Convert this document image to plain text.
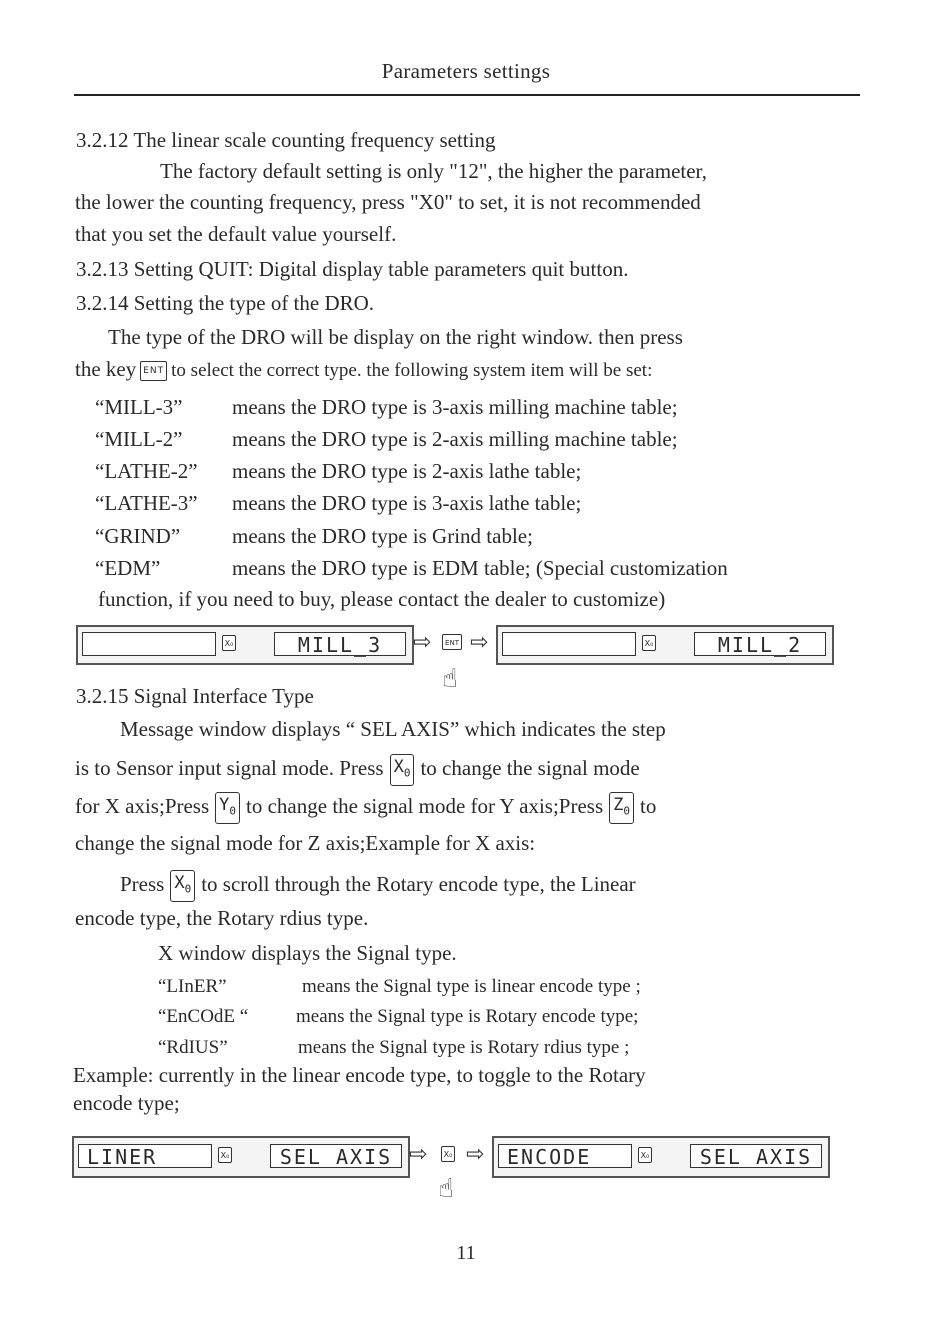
Parameters settings
3.2.12 The linear scale counting frequency setting
The factory default setting is only "12", the higher the parameter,
the lower the counting frequency, press "X0" to set, it is not recommended
that you set the default value yourself.
3.2.13 Setting QUIT: Digital display table parameters quit button.
3.2.14 Setting the type of the DRO.
The type of the DRO will be display on the right window. then press
the key ENT to select the correct type. the following system item will be set:
“MILL-3” means the DRO type is 3-axis milling machine table;
“MILL-2” means the DRO type is 2-axis milling machine table;
“LATHE-2” means the DRO type is 2-axis lathe table;
“LATHE-3” means the DRO type is 3-axis lathe table;
“GRIND” means the DRO type is Grind table;
“EDM”	means the DRO type is EDM table; (Special customization
function, if you need to buy, please contact the dealer to customize)
X₀	MILL_3	⇨	ENT ⇨
☝
X₀	MILL_2
3.2.15 Signal Interface Type
Message window displays “ SEL AXIS” which indicates the step
is to Sensor input signal mode. Press $X_0$ to change the signal mode
for X axis;Press $Y_0$ to change the signal mode for Y axis;Press $Z_0$ to
change the signal mode for Z axis;Example for X axis:
Press $X_0$ to scroll through the Rotary encode type, the Linear
encode type, the Rotary rdius type.
X window displays the Signal type.
“LInER”	means the Signal type is linear encode type ;
“EnCOdE “	means the Signal type is Rotary encode type;
“RdIUS”	means the Signal type is Rotary rdius type ;
Example: currently in the linear encode type, to toggle to the Rotary
encode type;
LINER	X₀	SEL AXIS ⇨	X₀ ⇨
☝
ENCODE	X₀	SEL AXIS
11
